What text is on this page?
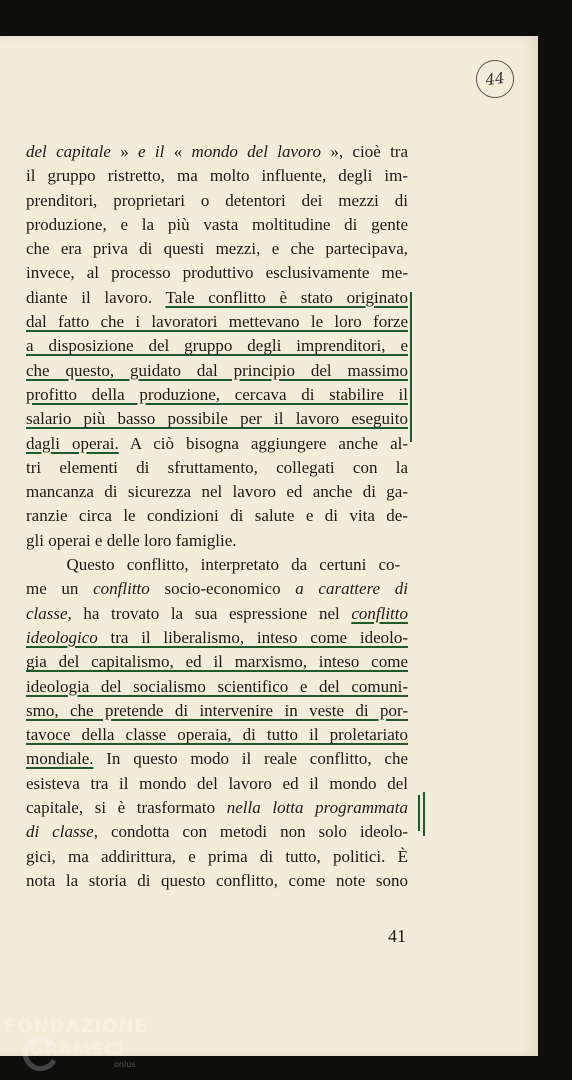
44
del capitale » e il « mondo del lavoro », cioè tra
il gruppo ristretto, ma molto influente, degli im-
prenditori, proprietari o detentori dei mezzi di
produzione, e la più vasta moltitudine di gente
che era priva di questi mezzi, e che partecipava,
invece, al processo produttivo esclusivamente me-
diante il lavoro. Tale conflitto è stato originato
dal fatto che i lavoratori mettevano le loro forze
a disposizione del gruppo degli imprenditori, e
che questo, guidato dal principio del massimo
profitto della produzione, cercava di stabilire il
salario più basso possibile per il lavoro eseguito
dagli operai. A ciò bisogna aggiungere anche al-
tri elementi di sfruttamento, collegati con la
mancanza di sicurezza nel lavoro ed anche di ga-
ranzie circa le condizioni di salute e di vita de-
gli operai e delle loro famiglie.
Questo conflitto, interpretato da certuni co-
me un conflitto socio-economico a carattere di
classe, ha trovato la sua espressione nel conflitto
ideologico tra il liberalismo, inteso come ideolo-
gia del capitalismo, ed il marxismo, inteso come
ideologia del socialismo scientifico e del comuni-
smo, che pretende di intervenire in veste di por-
tavoce della classe operaia, di tutto il proletariato
mondiale. In questo modo il reale conflitto, che
esisteva tra il mondo del lavoro ed il mondo del
capitale, si è trasformato nella lotta programmata
di classe, condotta con metodi non solo ideolo-
gici, ma addirittura, e prima di tutto, politici. È
nota la storia di questo conflitto, come note sono
41
FONDAZIONE
GRAMSCI
onlus
